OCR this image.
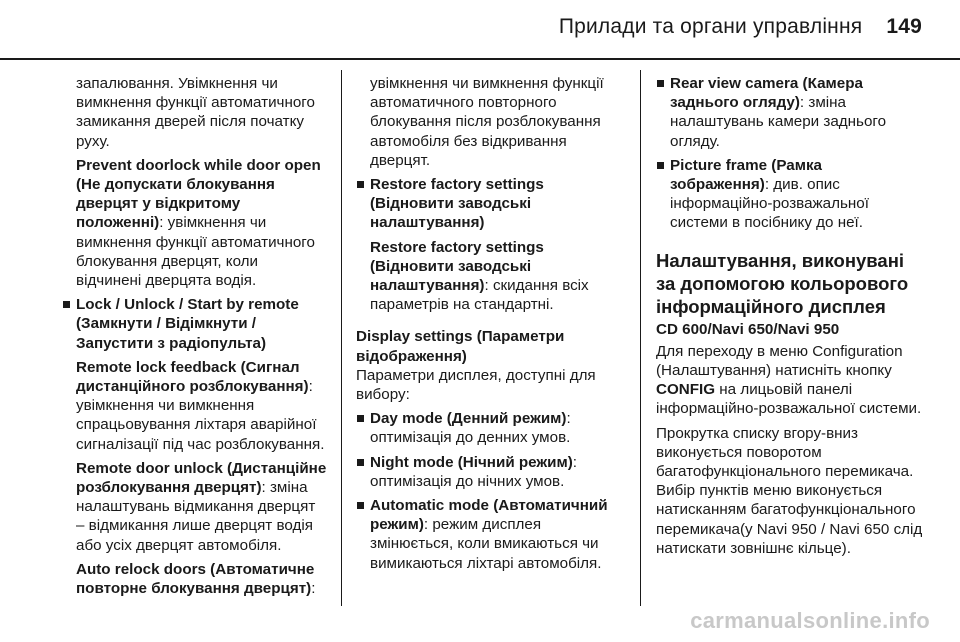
Прилади та органи управління 149

запалювання. Увімкнення чи вимкнення функції автоматичного замикання дверей після початку руху.

Prevent doorlock while door open (Не допускати блокування дверцят у відкритому положенні): увімкнення чи вимкнення функції автоматичного блокування дверцят, коли відчинені дверцята водія.

Lock / Unlock / Start by remote (Замкнути / Відімкнути / Запустити з радіопульта)

Remote lock feedback (Сигнал дистанційного розблокування): увімкнення чи вимкнення спрацьовування ліхтаря аварійної сигналізації під час розблокування.

Remote door unlock (Дистанційне розблокування дверцят): зміна налаштувань відмикання дверцят – відмикання лише дверцят водія або усіх дверцят автомобіля.

Auto relock doors (Автоматичне повторне блокування дверцят):

увімкнення чи вимкнення функції автоматичного повторного блокування після розблокування автомобіля без відкривання дверцят.

Restore factory settings (Відновити заводські налаштування)

Restore factory settings (Відновити заводські налаштування): скидання всіх параметрів на стандартні.

Display settings (Параметри відображення)

Параметри дисплея, доступні для вибору:

Day mode (Денний режим): оптимізація до денних умов.
Night mode (Нічний режим): оптимізація до нічних умов.
Automatic mode (Автоматичний режим): режим дисплея змінюється, коли вмикаються чи вимикаються ліхтарі автомобіля.
Rear view camera (Камера заднього огляду): зміна налаштувань камери заднього огляду.
Picture frame (Рамка зображення): див. опис інформаційно-розважальної системи в посібнику до неї.
Налаштування, виконувані за допомогою кольорового інформаційного дисплея
CD 600/Navi 650/Navi 950

Для переходу в меню Configuration (Налаштування) натисніть кнопку CONFIG на лицьовій панелі інформаційно-розважальної системи.

Прокрутка списку вгору-вниз виконується поворотом багатофункціонального перемикача. Вибір пунктів меню виконується натисканням багатофункціонального перемикача(у Navi 950 / Navi 650 слід натискати зовнішнє кільце).

carmanualsonline.info
